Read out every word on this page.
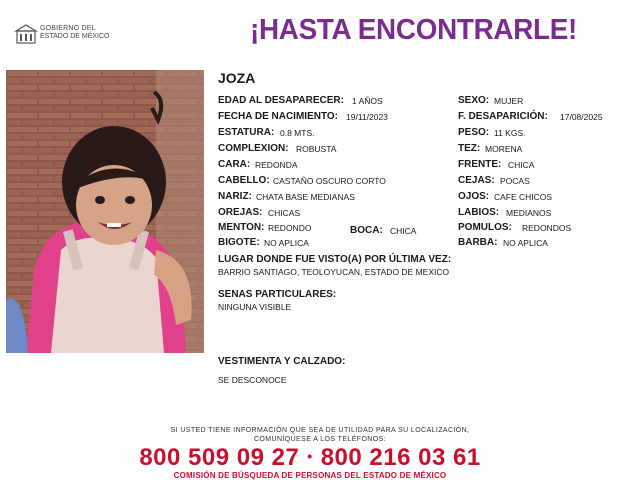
GOBIERNO DEL
ESTADO DE MÉXICO	¡HASTA ENCONTRARLE!
JOZA
EDAD AL DESAPARECER: 1 AÑOS
FECHA DE NACIMIENTO: 19/11/2023
ESTATURA: 0.8 MTS.
COMPLEXION: ROBUSTA
CARA: REDONDA
CABELLO: CASTAÑO OSCURO CORTO
NARIZ: CHATA BASE MEDIANAS
OREJAS: CHICAS
MENTON: REDONDO	BOCA: CHICA
BIGOTE: NO APLICA
SEXO: MUJER
F. DESAPARICIÓN: 17/08/2025
PESO: 11 KGS.
TEZ: MORENA
FRENTE: CHICA
CEJAS: POCAS
OJOS: CAFE CHICOS
LABIOS: MEDIANOS
POMULOS: REDONDOS
BARBA: NO APLICA
LUGAR DONDE FUE VISTO(A) POR ÚLTIMA VEZ:
BARRIO SANTIAGO, TEOLOYUCAN, ESTADO DE MEXICO
SENAS PARTICULARES:
NINGUNA VISIBLE
VESTIMENTA Y CALZADO:
SE DESCONOCE
SI USTED TIENE INFORMACIÓN QUE SEA DE UTILIDAD PARA SU LOCALIZACIÓN,
COMUNÍQUESE A LOS TELÉFONOS:
800 509 09 27 • 800 216 03 61
COMISIÓN DE BÚSQUEDA DE PERSONAS DEL ESTADO DE MÉXICO
